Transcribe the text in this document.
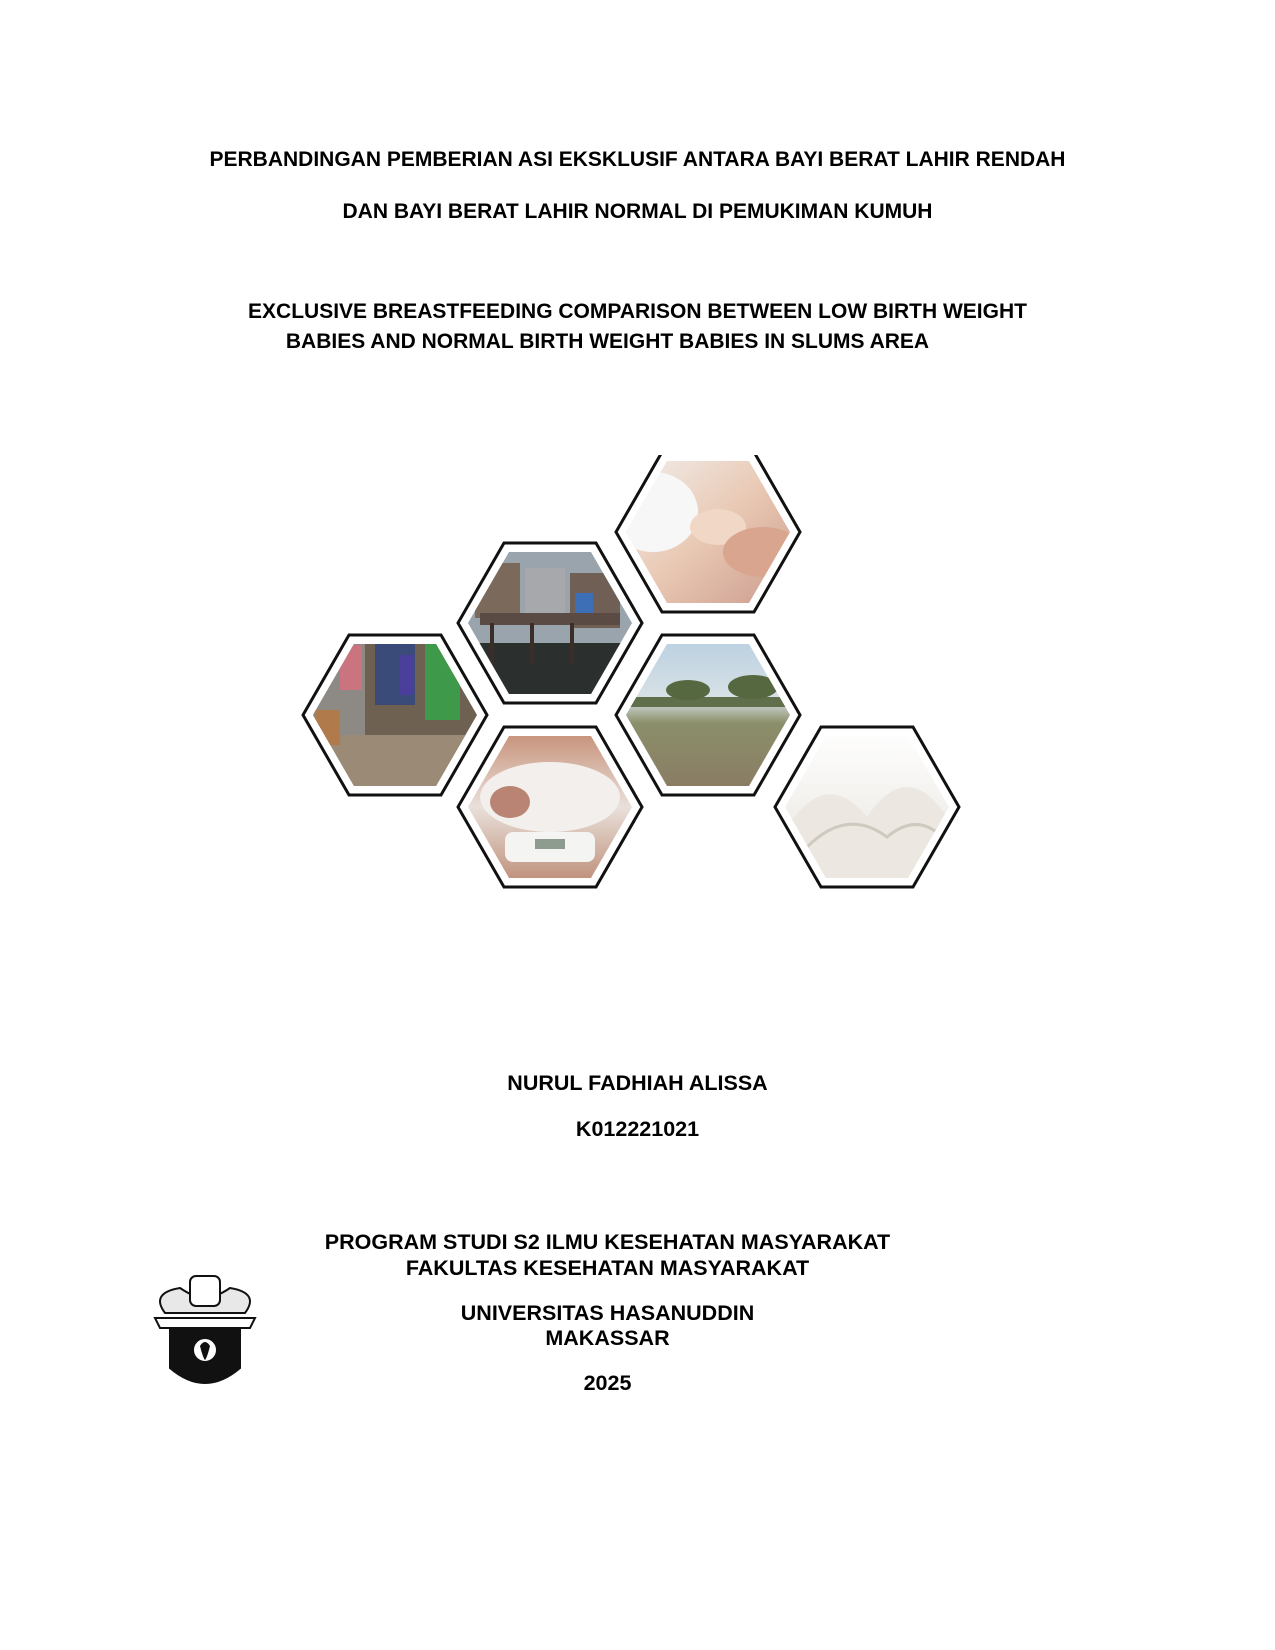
PERBANDINGAN PEMBERIAN ASI EKSKLUSIF ANTARA BAYI BERAT LAHIR RENDAH
DAN BAYI BERAT LAHIR NORMAL DI PEMUKIMAN KUMUH
EXCLUSIVE BREASTFEEDING COMPARISON BETWEEN LOW BIRTH WEIGHT
BABIES AND NORMAL BIRTH WEIGHT BABIES IN SLUMS AREA
NURUL FADHIAH ALISSA
K012221021
PROGRAM STUDI S2 ILMU KESEHATAN MASYARAKAT
FAKULTAS KESEHATAN MASYARAKAT
UNIVERSITAS HASANUDDIN
MAKASSAR
2025
